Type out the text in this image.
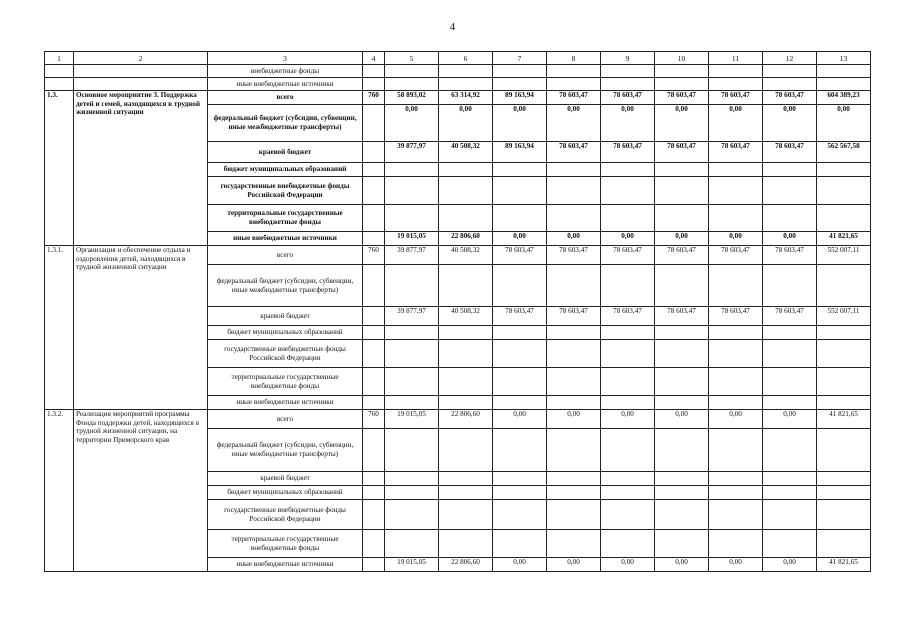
4
1	2	3	4	5	6	7	8	9	10	11	12	13
		внебюджетные фонды										
		иные внебюджетные источники										
1.3.	Основное мероприятие 3. Поддержка детей и семей, находящихся в трудной жизненной ситуации	всего	760	58 893,02	63 314,92	89 163,94	78 603,47	78 603,47	78 603,47	78 603,47	78 603,47	604 389,23
		федеральный бюджет (субсидии, субвенции, иные межбюджетные трансферты)		0,00	0,00	0,00	0,00	0,00	0,00	0,00	0,00	0,00
		краевой бюджет		39 877,97	40 508,32	89 163,94	78 603,47	78 603,47	78 603,47	78 603,47	78 603,47	562 567,58
		бюджет муниципальных образований										
		государственные внебюджетные фонды Российской Федерации										
		территориальные государственные внебюджетные фонды										
		иные внебюджетные источники		19 015,05	22 806,60	0,00	0,00	0,00	0,00	0,00	0,00	41 821,65
1.3.1.	Организация и обеспечение отдыха и оздоровления детей, находящихся в трудной жизненной ситуации	всего	760	39 877,97	40 508,32	78 603,47	78 603,47	78 603,47	78 603,47	78 603,47	78 603,47	552 007,11
		федеральный бюджет (субсидии, субвенции, иные межбюджетные трансферты)										
		краевой бюджет		39 877,97	40 508,32	78 603,47	78 603,47	78 603,47	78 603,47	78 603,47	78 603,47	552 007,11
		бюджет муниципальных образований										
		государственные внебюджетные фонды Российской Федерации										
		территориальные государственные внебюджетные фонды										
		иные внебюджетные источники										
1.3.2.	Реализация мероприятий программы Фонда поддержки детей, находящихся в трудной жизненной ситуации, на территории Приморского края	всего	760	19 015,05	22 806,60	0,00	0,00	0,00	0,00	0,00	0,00	41 821,65
		федеральный бюджет (субсидии, субвенции, иные межбюджетные трансферты)										
		краевой бюджет										
		бюджет муниципальных образований										
		государственные внебюджетные фонды Российской Федерации										
		территориальные государственные внебюджетные фонды										
		иные внебюджетные источники		19 015,05	22 806,60	0,00	0,00	0,00	0,00	0,00	0,00	41 821,65
